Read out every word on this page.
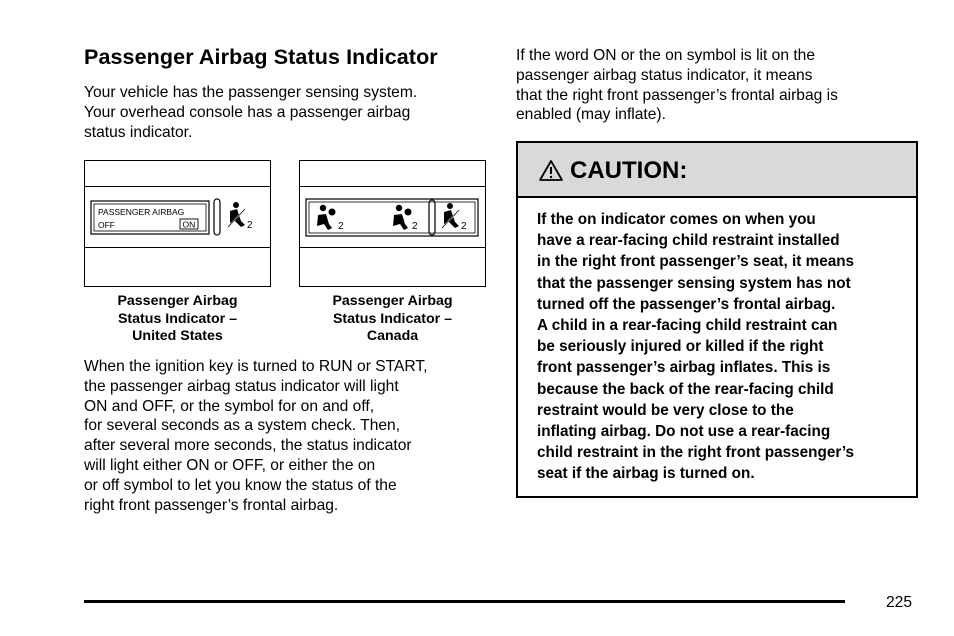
Passenger Airbag Status Indicator
Your vehicle has the passenger sensing system.
Your overhead console has a passenger airbag
status indicator.
PASSENGER AIRBAG
OFF	ON	2	2	2	2
Passenger Airbag
Status Indicator –
United States
Passenger Airbag
Status Indicator –
Canada
When the ignition key is turned to RUN or START,
the passenger airbag status indicator will light
ON and OFF, or the symbol for on and off,
for several seconds as a system check. Then,
after several more seconds, the status indicator
will light either ON or OFF, or either the on
or off symbol to let you know the status of the
right front passenger’s frontal airbag.
If the word ON or the on symbol is lit on the
passenger airbag status indicator, it means
that the right front passenger’s frontal airbag is
enabled (may inflate).
CAUTION:
If the on indicator comes on when you
have a rear-facing child restraint installed
in the right front passenger’s seat, it means
that the passenger sensing system has not
turned off the passenger’s frontal airbag.
A child in a rear-facing child restraint can
be seriously injured or killed if the right
front passenger’s airbag inflates. This is
because the back of the rear-facing child
restraint would be very close to the
inflating airbag. Do not use a rear-facing
child restraint in the right front passenger’s
seat if the airbag is turned on.
225
